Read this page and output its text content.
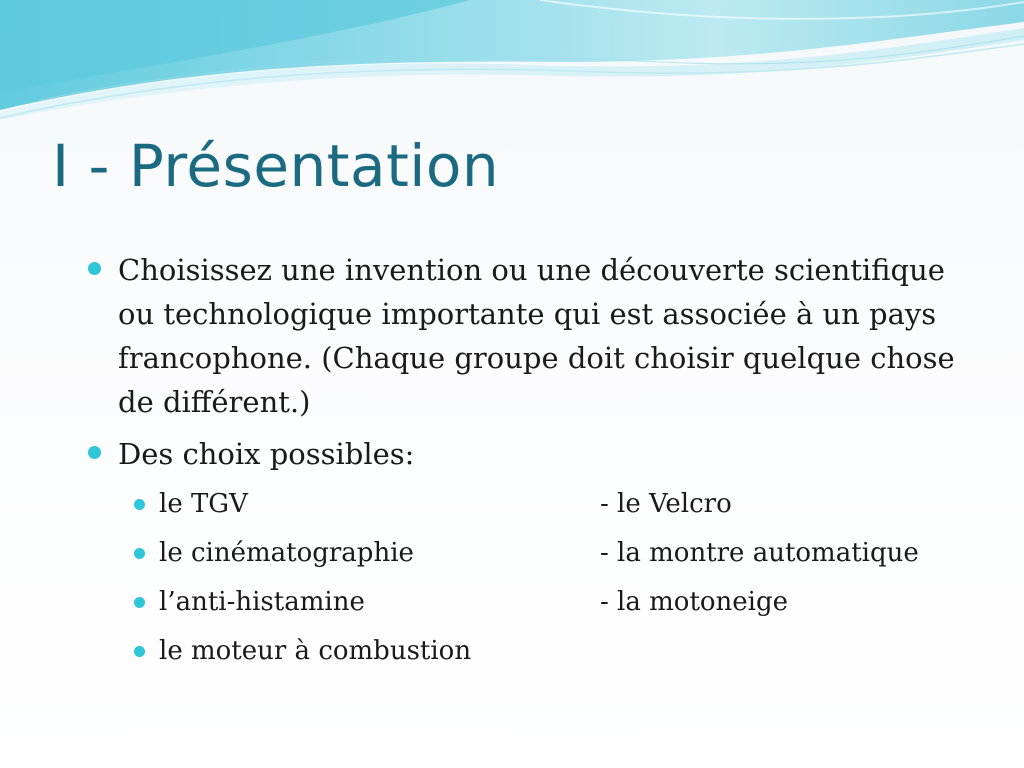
I - Présentation
Choisissez une invention ou une découverte scientifique ou technologique importante qui est associée à un pays francophone. (Chaque groupe doit choisir quelque chose de différent.)
Des choix possibles:
le TGV	- le Velcro
le cinématographie	- la montre automatique
l’anti-histamine	- la motoneige
le moteur à combustion
